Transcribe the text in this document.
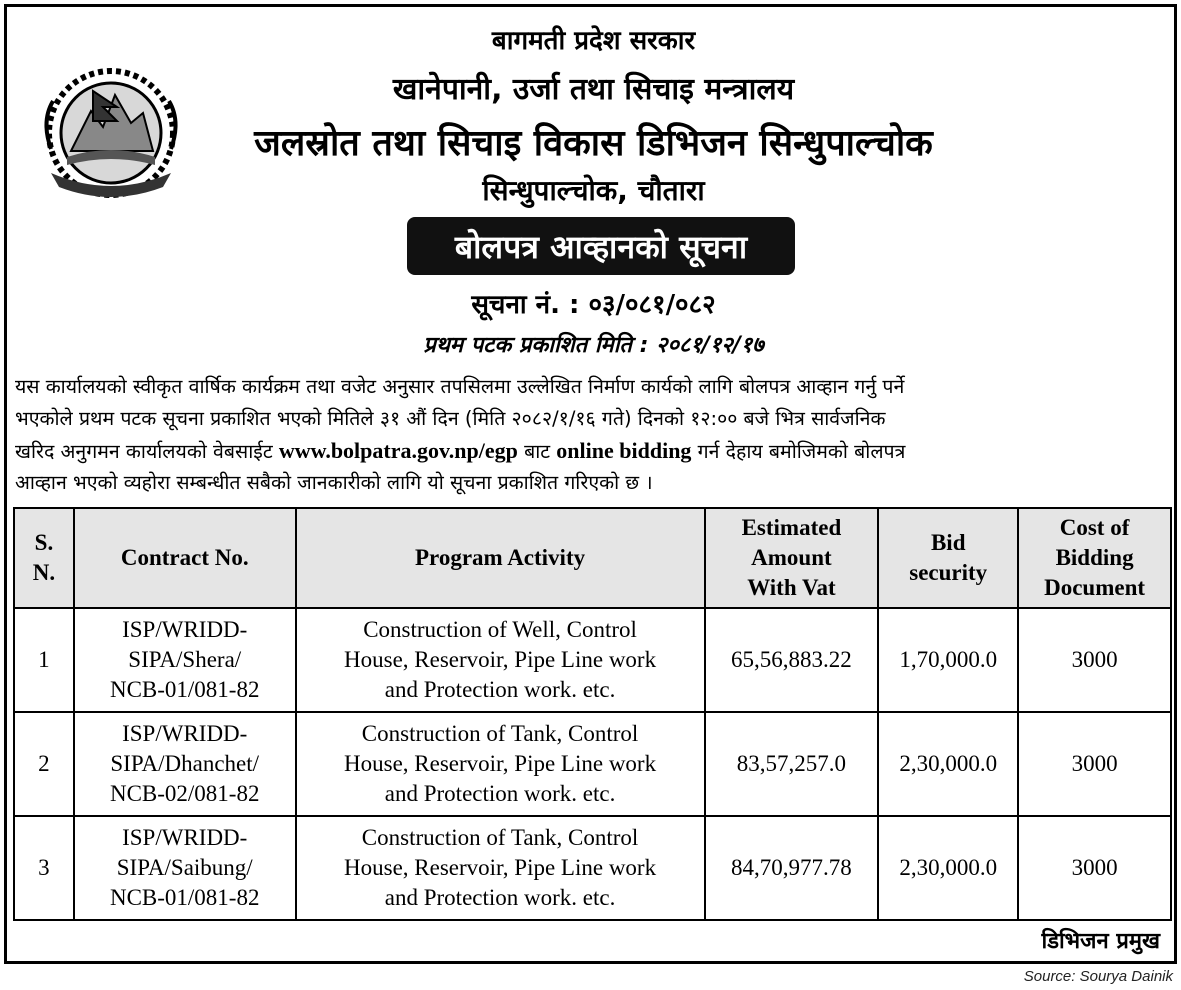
बागमती प्रदेश सरकार
खानेपानी, उर्जा तथा सिचाइ मन्त्रालय
जलस्रोत तथा सिचाइ विकास डिभिजन सिन्धुपाल्चोक
सिन्धुपाल्चोक, चौतारा
बोलपत्र आव्हानको सूचना
सूचना नं. : ०३/०८१/०८२
प्रथम पटक प्रकाशित मिति : २०८१/१२/१७
यस कार्यालयको स्वीकृत वार्षिक कार्यक्रम तथा वजेट अनुसार तपसिलमा उल्लेखित निर्माण कार्यको लागि बोलपत्र आव्हान गर्नु पर्ने
भएकोले प्रथम पटक सूचना प्रकाशित भएको मितिले ३१ औं दिन (मिति २०८२/१/१६ गते) दिनको १२:०० बजे भित्र सार्वजनिक
खरिद अनुगमन कार्यालयको वेबसाईट www.bolpatra.gov.np/egp बाट online bidding गर्न देहाय बमोजिमको बोलपत्र
आव्हान भएको व्यहोरा सम्बन्धीत सबैको जानकारीको लागि यो सूचना प्रकाशित गरिएको छ ।
S.
N.	Contract No.	Program Activity	Estimated
Amount
With Vat	Bid
security	Cost of
Bidding
Document
1	ISP/WRIDD-
SIPA/Shera/
NCB-01/081-82	Construction of Well, Control
House, Reservoir, Pipe Line work
and Protection work. etc.	65,56,883.22	1,70,000.0	3000
2	ISP/WRIDD-
SIPA/Dhanchet/
NCB-02/081-82	Construction of Tank, Control
House, Reservoir, Pipe Line work
and Protection work. etc.	83,57,257.0	2,30,000.0	3000
3	ISP/WRIDD-
SIPA/Saibung/
NCB-01/081-82	Construction of Tank, Control
House, Reservoir, Pipe Line work
and Protection work. etc.	84,70,977.78	2,30,000.0	3000
डिभिजन प्रमुख
Source: Sourya Dainik
